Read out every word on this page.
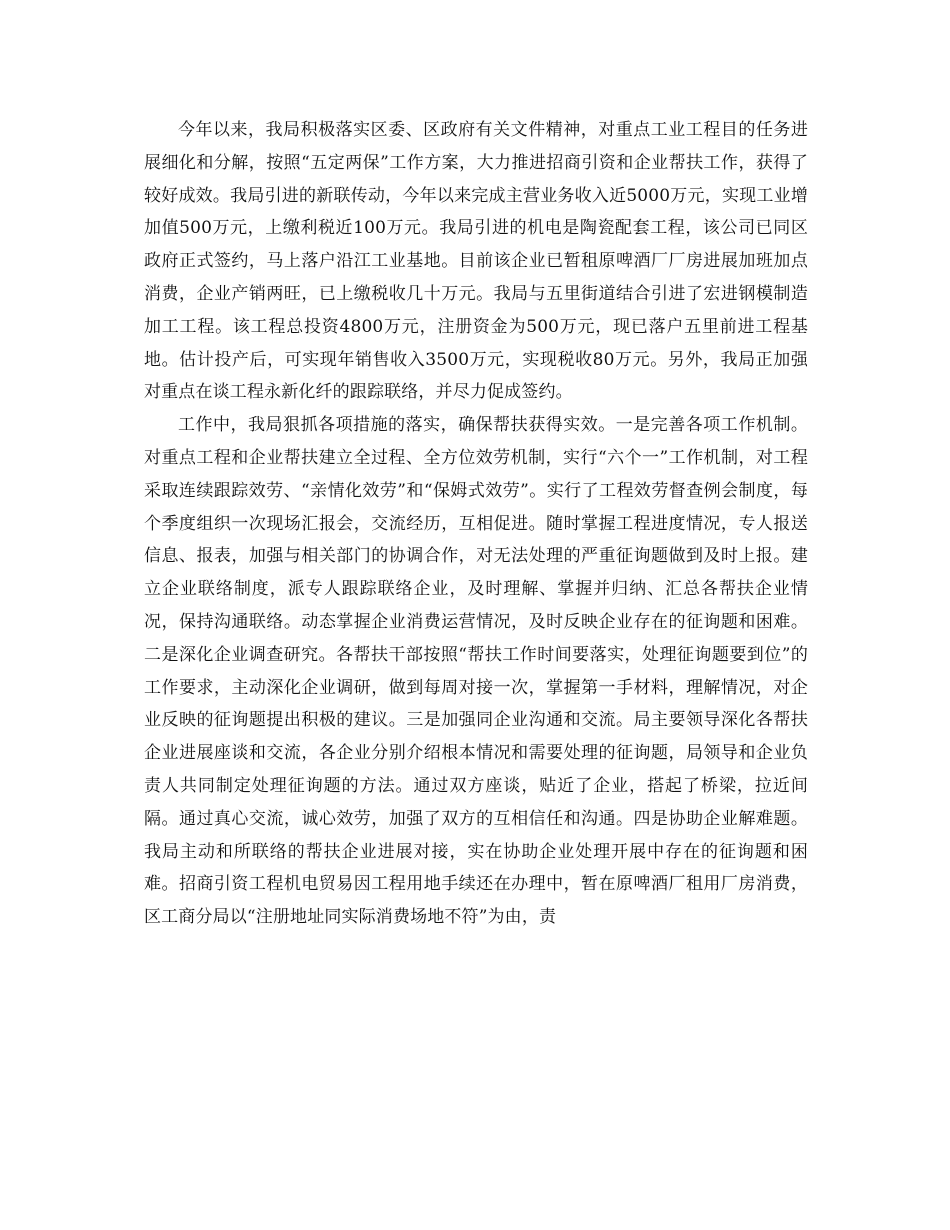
今年以来，我局积极落实区委、区政府有关文件精神，对重点工业工程目的任务进展细化和分解，按照“五定两保”工作方案，大力推进招商引资和企业帮扶工作，获得了较好成效。我局引进的新联传动，今年以来完成主营业务收入近5000万元，实现工业增加值500万元，上缴利税近100万元。我局引进的机电是陶瓷配套工程，该公司已同区政府正式签约，马上落户沿江工业基地。目前该企业已暂租原啤酒厂厂房进展加班加点消费，企业产销两旺，已上缴税收几十万元。我局与五里街道结合引进了宏进钢模制造加工工程。该工程总投资4800万元，注册资金为500万元，现已落户五里前进工程基地。估计投产后，可实现年销售收入3500万元，实现税收80万元。另外，我局正加强对重点在谈工程永新化纤的跟踪联络，并尽力促成签约。

工作中，我局狠抓各项措施的落实，确保帮扶获得实效。一是完善各项工作机制。对重点工程和企业帮扶建立全过程、全方位效劳机制，实行“六个一”工作机制，对工程采取连续跟踪效劳、“亲情化效劳”和“保姆式效劳”。实行了工程效劳督查例会制度，每个季度组织一次现场汇报会，交流经历，互相促进。随时掌握工程进度情况，专人报送信息、报表，加强与相关部门的协调合作，对无法处理的严重征询题做到及时上报。建立企业联络制度，派专人跟踪联络企业，及时理解、掌握并归纳、汇总各帮扶企业情况，保持沟通联络。动态掌握企业消费运营情况，及时反映企业存在的征询题和困难。二是深化企业调查研究。各帮扶干部按照“帮扶工作时间要落实，处理征询题要到位”的工作要求，主动深化企业调研，做到每周对接一次，掌握第一手材料，理解情况，对企业反映的征询题提出积极的建议。三是加强同企业沟通和交流。局主要领导深化各帮扶企业进展座谈和交流，各企业分别介绍根本情况和需要处理的征询题，局领导和企业负责人共同制定处理征询题的方法。通过双方座谈，贴近了企业，搭起了桥梁，拉近间隔。通过真心交流，诚心效劳，加强了双方的互相信任和沟通。四是协助企业解难题。我局主动和所联络的帮扶企业进展对接，实在协助企业处理开展中存在的征询题和困难。招商引资工程机电贸易因工程用地手续还在办理中，暂在原啤酒厂租用厂房消费，区工商分局以“注册地址同实际消费场地不符”为由，责
